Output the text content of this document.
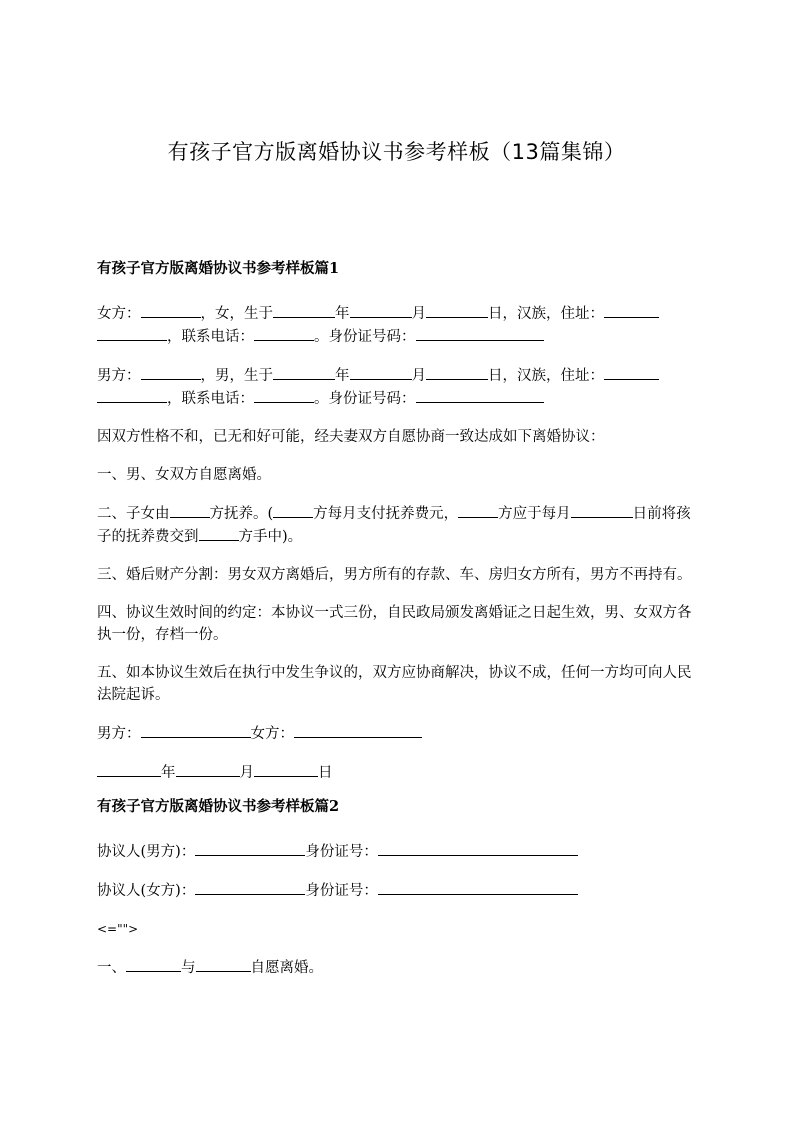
有孩子官方版离婚协议书参考样板（13篇集锦）
有孩子官方版离婚协议书参考样板篇1
女方：	，女，生于	年	月	日，汉族，住址：
，联系电话：	。身份证号码：
男方：	，男，生于	年	月	日，汉族，住址：
，联系电话：	。身份证号码：
因双方性格不和，已无和好可能，经夫妻双方自愿协商一致达成如下离婚协议：
一、男、女双方自愿离婚。
二、子女由	方抚养。(	方每月支付抚养费元，	方应于每月	日前将孩子的抚养费交到	方手中)。
三、婚后财产分割：男女双方离婚后，男方所有的存款、车、房归女方所有，男方不再持有。
四、协议生效时间的约定：本协议一式三份，自民政局颁发离婚证之日起生效，男、女双方各执一份，存档一份。
五、如本协议生效后在执行中发生争议的，双方应协商解决，协议不成，任何一方均可向人民法院起诉。
男方：	女方：
年	月	日
有孩子官方版离婚协议书参考样板篇2
协议人(男方)：	身份证号：
协议人(女方)：	身份证号：
<="">
一、	与	自愿离婚。
